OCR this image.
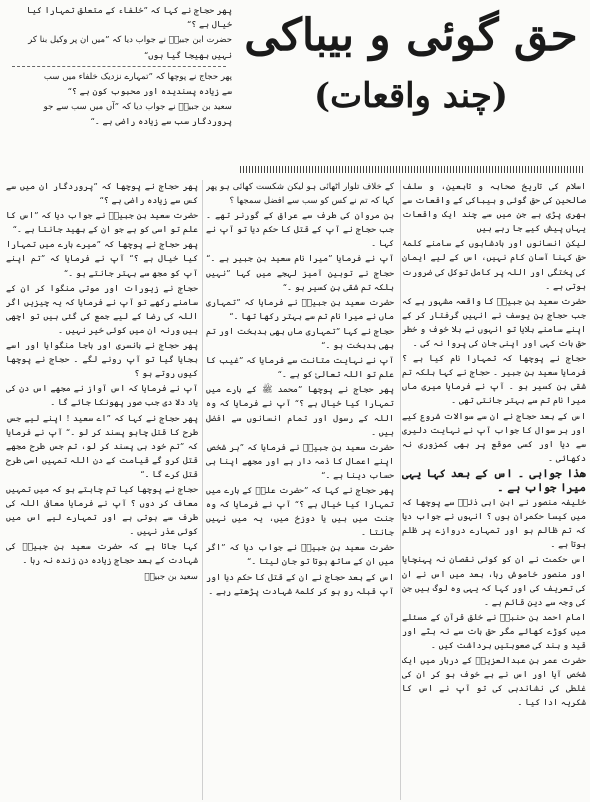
پھر حجاج نے کہا کہ ”خلفاء کے متعلق تمہارا کیا خیال ہے ؟“
حضرت ابن جبیرؒ نے جواب دیا کہ ”میں ان پر وکیل بنا کر
نہیں بھیجا گیا ہوں“
پھر حجاج نے پوچھا کہ ”تمہارے نزدیک خلفاء میں سب
سے زیادہ پسندیدہ اور محبوب کون ہے ؟“
سعید بن جبیرؒ نے جواب دیا کہ ”آں میں سب سے جو
پروردگار سب سے زیادہ راضی ہے ۔“
حق گوئی و بیباکی
(چند واقعات)

اسلام کی تاریخ صحابہ و تابعین، و سلف صالحین کی حق گوئی و بیباکی کے واقعات سے بھری پڑی ہے جن میں سے چند ایک واقعات یہاں پیش کیے جا رہے ہیں

لیکن انسانوں اور بادشاہوں کے سامنے کلمۂ حق کہنا آسان کام نہیں، اس کے لیے ایمان کی پختگی اور اللہ پر کامل توکل کی ضرورت ہوتی ہے ۔

حضرت سعید بن جبیرؒ کا واقعہ مشہور ہے کہ جب حجاج بن یوسف نے انہیں گرفتار کر کے اپنے سامنے بلایا تو انہوں نے بلا خوف و خطر حق بات کہی اور اپنی جان کی پروا نہ کی ۔

حجاج نے پوچھا کہ تمہارا نام کیا ہے ؟ فرمایا سعید بن جبیر ۔ حجاج نے کہا بلکہ تم شقی بن کسیر ہو ۔ آپ نے فرمایا میری ماں میرا نام تم سے بہتر جانتی تھی ۔

اس کے بعد حجاج نے ان سے سوالات شروع کیے اور ہر سوال کا جواب آپ نے نہایت دلیری سے دیا اور کسی موقع پر بھی کمزوری نہ دکھائی ۔

ھذا جوابی ۔ اس کے بعد کہا یہی میرا جواب ہے ۔

خلیفہ منصور نے ابن ابی ذئبؒ سے پوچھا کہ میں کیسا حکمران ہوں ؟ انہوں نے جواب دیا کہ تم ظالم ہو اور تمہارے دروازے پر ظلم ہوتا ہے ۔

اس حکمت نے ان کو کوئی نقصان نہ پہنچایا اور منصور خاموش رہا، بعد میں اس نے ان کی تعریف کی اور کہا کہ یہی وہ لوگ ہیں جن کی وجہ سے دین قائم ہے ۔

امام احمد بن حنبلؒ نے خلق قرآن کے مسئلے میں کوڑے کھائے مگر حق بات سے نہ ہٹے اور قید و بند کی صعوبتیں برداشت کیں ۔

حضرت عمر بن عبدالعزیزؒ کے دربار میں ایک شخص آیا اور اس نے بے خوف ہو کر ان کی غلطی کی نشاندہی کی تو آپ نے اس کا شکریہ ادا کیا ۔

کے خلاف تلوار اٹھائی ہو لیکن شکست کھائی ہو پھر کہا کہ تم نے کس کو سب سے افضل سمجھا ؟

بن مروان کی طرف سے عراق کے گورنر تھے ۔ جب حجاج نے آپ کے قتل کا حکم دیا تو آپ نے کہا ۔

آپ نے فرمایا ”میرا نام سعید بن جبیر ہے ۔“ حجاج نے توہین آمیز لہجے میں کہا ”نہیں بلکہ تم شقی بن کسیر ہو ۔“

حضرت سعید بن جبیرؒ نے فرمایا کہ ”تمہاری ماں نے میرا نام تم سے بہتر رکھا تھا ۔“

حجاج نے کہا ”تمہاری ماں بھی بدبخت اور تم بھی بدبخت ہو ۔“

آپ نے نہایت متانت سے فرمایا کہ ”غیب کا علم تو اللہ تعالیٰ کو ہے ۔“

پھر حجاج نے پوچھا ”محمد ﷺ کے بارے میں تمہارا کیا خیال ہے ؟“ آپ نے فرمایا کہ وہ اللہ کے رسول اور تمام انسانوں سے افضل ہیں ۔

حضرت سعید بن جبیرؒ نے فرمایا کہ ”ہر شخص اپنے اعمال کا ذمہ دار ہے اور مجھے اپنا ہی حساب دینا ہے ۔“

پھر حجاج نے کہا کہ ”حضرت علیؓ کے بارے میں تمہارا کیا خیال ہے ؟“ آپ نے فرمایا کہ وہ جنت میں ہیں یا دوزخ میں، یہ میں نہیں جانتا ۔

حضرت سعید بن جبیرؒ نے جواب دیا کہ ”اگر میں ان کے ساتھ ہوتا تو جان لیتا ۔“

اس کے بعد حجاج نے ان کے قتل کا حکم دیا اور آپ قبلہ رو ہو کر کلمۂ شہادت پڑھتے رہے ۔

پھر حجاج نے پوچھا کہ ”پروردگار ان میں سے کس سے زیادہ راضی ہے ؟“

حضرت سعید بن جبیرؒ نے جواب دیا کہ ”اس کا علم تو اسی کو ہے جو ان کے بھید جانتا ہے ۔“

پھر حجاج نے پوچھا کہ ”میرے بارے میں تمہارا کیا خیال ہے ؟“ آپ نے فرمایا کہ ”تم اپنے آپ کو مجھ سے بہتر جانتے ہو ۔“

حجاج نے زیورات اور موتی منگوا کر ان کے سامنے رکھے تو آپ نے فرمایا کہ یہ چیزیں اگر اللہ کی رضا کے لیے جمع کی گئی ہیں تو اچھی ہیں ورنہ ان میں کوئی خیر نہیں ۔

پھر حجاج نے بانسری اور باجا منگوایا اور اسے بجایا گیا تو آپ رونے لگے ۔ حجاج نے پوچھا کیوں روتے ہو ؟

آپ نے فرمایا کہ اس آواز نے مجھے اس دن کی یاد دلا دی جب صور پھونکا جائے گا ۔

پھر حجاج نے کہا کہ ”اے سعید ! اپنے لیے جس طرح کا قتل چاہو پسند کر لو ۔“ آپ نے فرمایا کہ ”تم خود ہی پسند کر لو، تم جس طرح مجھے قتل کرو گے قیامت کے دن اللہ تمہیں اسی طرح قتل کرے گا ۔“

حجاج نے پوچھا کیا تم چاہتے ہو کہ میں تمہیں معاف کر دوں ؟ آپ نے فرمایا معافی اللہ کی طرف سے ہوتی ہے اور تمہارے لیے اس میں کوئی عذر نہیں ۔

کہا جاتا ہے کہ حضرت سعید بن جبیرؒ کی شہادت کے بعد حجاج زیادہ دن زندہ نہ رہا ۔

سعید بن جبیرؒ
